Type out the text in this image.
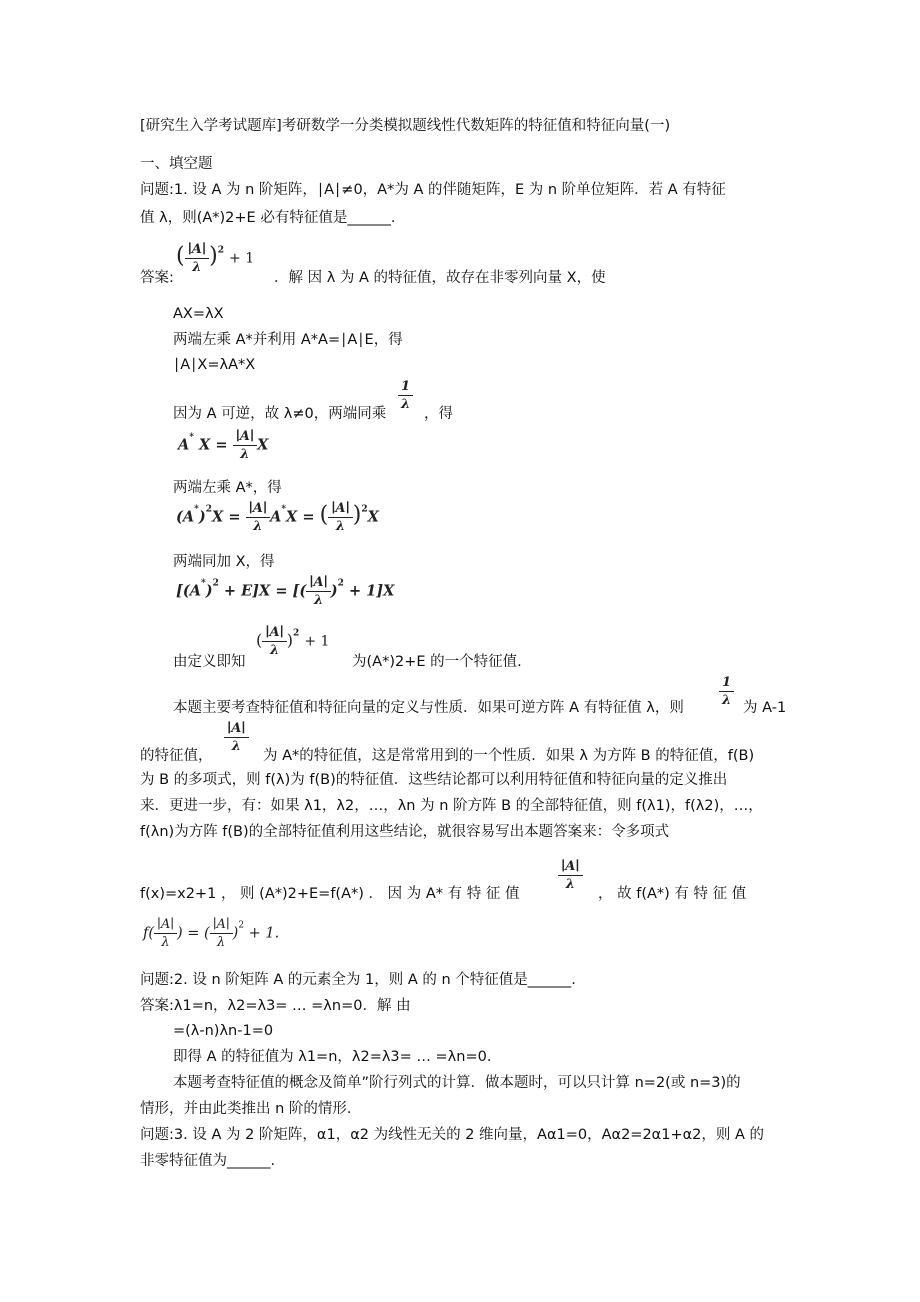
[研究生入学考试题库]考研数学一分类模拟题线性代数矩阵的特征值和特征向量(一)
一、填空题
问题:1. 设 A 为 n 阶矩阵，∣A∣≠0，A*为 A 的伴随矩阵，E 为 n 阶单位矩阵．若 A 有特征
值 λ，则(A*)2+E 必有特征值是______.
答案:
( $\frac{∣A∣}{\lambda} )^2 + 1$
．解 因 λ 为 A 的特征值，故存在非零列向量 X，使
AX=λX
两端左乘 A*并利用 A*A=∣A∣E，得
∣A∣X=λA*X
因为 A 可逆，故 λ≠0，两端同乘
$\frac{1}{\lambda}$
，得
A* $X = \frac{∣A∣}{\lambda}$ X
两端左乘 A*，得
$(A^*)^2X = \frac{∣A∣}{\lambda} A^*X$ = ( $\frac{∣A∣}{\lambda} )^2X$
两端同加 X，得
$[(A^*)^2 + E]X$ = [( $\frac{∣A∣}{\lambda} )^2 + 1]X$
由定义即知
( $\frac{∣A∣}{\lambda} )^2 + 1$
为(A*)2+E 的一个特征值.
本题主要考查特征值和特征向量的定义与性质．如果可逆方阵 A 有特征值 λ，则
$\frac{1}{\lambda}$
为 A-1
的特征值，
$\frac{∣A∣}{\lambda}$
为 A*的特征值，这是常常用到的一个性质．如果 λ 为方阵 B 的特征值，f(B)
为 B 的多项式，则 f(λ)为 f(B)的特征值．这些结论都可以利用特征值和特征向量的定义推出
来．更进一步，有：如果 λ1，λ2，…，λn 为 n 阶方阵 B 的全部特征值，则 f(λ1)，f(λ2)，…，
f(λn)为方阵 f(B)的全部特征值利用这些结论，就很容易写出本题答案来：令多项式
f(x)=x2+1 ， 则 (A*)2+E=f(A*) ． 因 为 A* 有 特 征 值
$\frac{∣A∣}{\lambda}$
， 故 f(A*) 有 特 征 值
$f( \frac{∣A∣}{\lambda}$ ) = ( $\frac{∣A∣}{\lambda} )^2 + 1$.
问题:2. 设 n 阶矩阵 A 的元素全为 1，则 A 的 n 个特征值是______.
答案:λ1=n，λ2=λ3= … =λn=0．解 由
=(λ-n)λn-1=0
即得 A 的特征值为 λ1=n，λ2=λ3= … =λn=0.
本题考查特征值的概念及简单”阶行列式的计算．做本题时，可以只计算 n=2(或 n=3)的
情形，并由此类推出 n 阶的情形.
问题:3. 设 A 为 2 阶矩阵，α1，α2 为线性无关的 2 维向量，Aα1=0，Aα2=2α1+α2，则 A 的
非零特征值为______.
